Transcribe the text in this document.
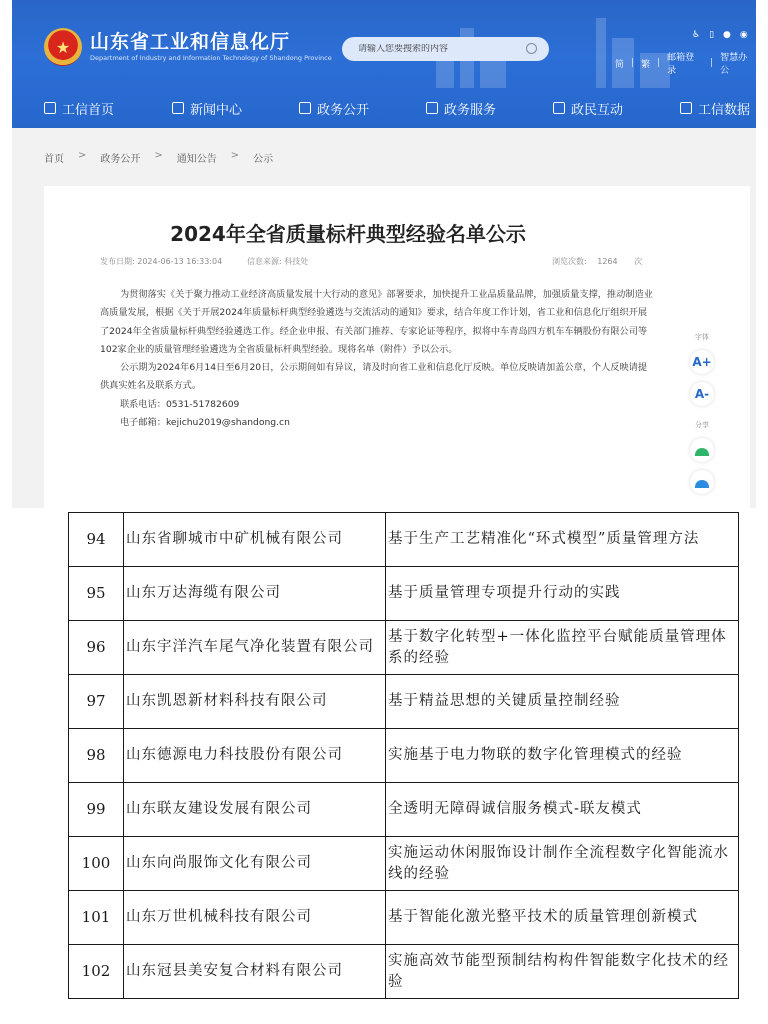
★	山东省工业和信息化厅
Department of Industry and Information Technology of Shandong Province
请输入您要搜索的内容
♿ ▯ ● ◉
简 | 繁 | 邮箱登录
| 智慧办公
工信首页	新闻中心	政务公开	政务服务	政民互动	工信数据
首页 > 政务公开 > 通知公告 > 公示
2024年全省质量标杆典型经验名单公示
发布日期: 2024-06-13 16:33:04	信息来源: 科技处	浏览次数: 1264 次

为贯彻落实《关于聚力推动工业经济高质量发展十大行动的意见》部署要求，加快提升工业品质量品牌，加强质量支撑，推动制造业高质量发展，根据《关于开展2024年质量标杆典型经验遴选与交流活动的通知》要求，结合年度工作计划，省工业和信息化厅组织开展了2024年全省质量标杆典型经验遴选工作。经企业申报、有关部门推荐、专家论证等程序，拟将中车青岛四方机车车辆股份有限公司等102家企业的质量管理经验遴选为全省质量标杆典型经验。现将名单（附件）予以公示。

公示期为2024年6月14日至6月20日，公示期间如有异议，请及时向省工业和信息化厅反映。单位反映请加盖公章，个人反映请提供真实姓名及联系方式。

联系电话：0531-51782609

电子邮箱：kejichu2019@shandong.cn

字体
A+
A-
分享
94	山东省聊城市中矿机械有限公司	基于生产工艺精准化“环式模型”质量管理方法
95	山东万达海缆有限公司	基于质量管理专项提升行动的实践
96	山东宇洋汽车尾气净化装置有限公司	基于数字化转型+一体化监控平台赋能质量管理体系的经验
97	山东凯恩新材料科技有限公司	基于精益思想的关键质量控制经验
98	山东德源电力科技股份有限公司	实施基于电力物联的数字化管理模式的经验
99	山东联友建设发展有限公司	全透明无障碍诚信服务模式-联友模式
100	山东向尚服饰文化有限公司	实施运动休闲服饰设计制作全流程数字化智能流水线的经验
101	山东万世机械科技有限公司	基于智能化激光整平技术的质量管理创新模式
102	山东冠县美安复合材料有限公司	实施高效节能型预制结构构件智能数字化技术的经验
